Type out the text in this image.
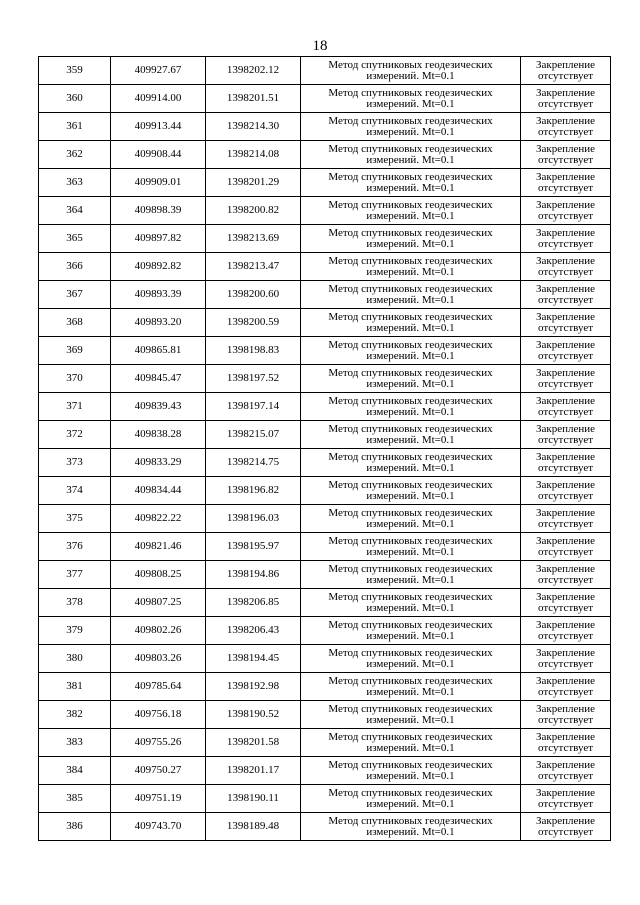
18
359	409927.67	1398202.12	Метод спутниковых геодезических
измерений. Mt=0.1	Закрепление
отсутствует

360	409914.00	1398201.51	Метод спутниковых геодезических
измерений. Mt=0.1	Закрепление
отсутствует

361	409913.44	1398214.30	Метод спутниковых геодезических
измерений. Mt=0.1	Закрепление
отсутствует

362	409908.44	1398214.08	Метод спутниковых геодезических
измерений. Mt=0.1	Закрепление
отсутствует

363	409909.01	1398201.29	Метод спутниковых геодезических
измерений. Mt=0.1	Закрепление
отсутствует

364	409898.39	1398200.82	Метод спутниковых геодезических
измерений. Mt=0.1	Закрепление
отсутствует

365	409897.82	1398213.69	Метод спутниковых геодезических
измерений. Mt=0.1	Закрепление
отсутствует

366	409892.82	1398213.47	Метод спутниковых геодезических
измерений. Mt=0.1	Закрепление
отсутствует

367	409893.39	1398200.60	Метод спутниковых геодезических
измерений. Mt=0.1	Закрепление
отсутствует

368	409893.20	1398200.59	Метод спутниковых геодезических
измерений. Mt=0.1	Закрепление
отсутствует

369	409865.81	1398198.83	Метод спутниковых геодезических
измерений. Mt=0.1	Закрепление
отсутствует

370	409845.47	1398197.52	Метод спутниковых геодезических
измерений. Mt=0.1	Закрепление
отсутствует

371	409839.43	1398197.14	Метод спутниковых геодезических
измерений. Mt=0.1	Закрепление
отсутствует

372	409838.28	1398215.07	Метод спутниковых геодезических
измерений. Mt=0.1	Закрепление
отсутствует

373	409833.29	1398214.75	Метод спутниковых геодезических
измерений. Mt=0.1	Закрепление
отсутствует

374	409834.44	1398196.82	Метод спутниковых геодезических
измерений. Mt=0.1	Закрепление
отсутствует

375	409822.22	1398196.03	Метод спутниковых геодезических
измерений. Mt=0.1	Закрепление
отсутствует

376	409821.46	1398195.97	Метод спутниковых геодезических
измерений. Mt=0.1	Закрепление
отсутствует

377	409808.25	1398194.86	Метод спутниковых геодезических
измерений. Mt=0.1	Закрепление
отсутствует

378	409807.25	1398206.85	Метод спутниковых геодезических
измерений. Mt=0.1	Закрепление
отсутствует

379	409802.26	1398206.43	Метод спутниковых геодезических
измерений. Mt=0.1	Закрепление
отсутствует

380	409803.26	1398194.45	Метод спутниковых геодезических
измерений. Mt=0.1	Закрепление
отсутствует

381	409785.64	1398192.98	Метод спутниковых геодезических
измерений. Mt=0.1	Закрепление
отсутствует

382	409756.18	1398190.52	Метод спутниковых геодезических
измерений. Mt=0.1	Закрепление
отсутствует

383	409755.26	1398201.58	Метод спутниковых геодезических
измерений. Mt=0.1	Закрепление
отсутствует

384	409750.27	1398201.17	Метод спутниковых геодезических
измерений. Mt=0.1	Закрепление
отсутствует

385	409751.19	1398190.11	Метод спутниковых геодезических
измерений. Mt=0.1	Закрепление
отсутствует

386	409743.70	1398189.48	Метод спутниковых геодезических
измерений. Mt=0.1	Закрепление
отсутствует
